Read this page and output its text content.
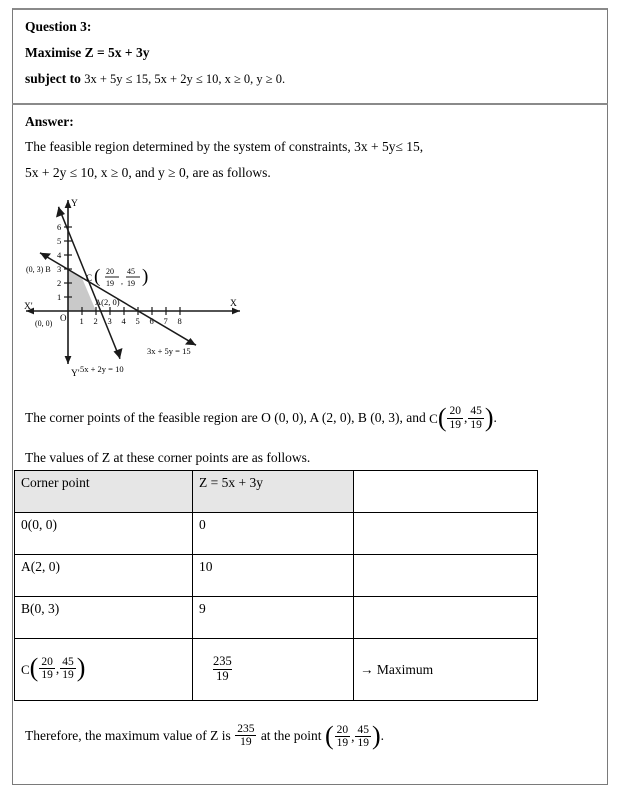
Question 3:
Maximise Z = 5x + 3y
subject to 3x + 5y ≤ 15, 5x + 2y ≤ 10, x ≥ 0, y ≥ 0.
Answer:
The feasible region determined by the system of constraints, 3x + 5y≤ 15,
5x + 2y ≤ 10, x ≥ 0, and y ≥ 0, are as follows.
Y
Y'
X
X'
O
(0, 0)	1 2 3 4 5 6 7 8
1
2
3
4
5
6
(0, 3) B
A(2, 0)
C ( 20
19 ,
45
19 )
3x + 5y = 15
5x + 2y = 10
The corner points of the feasible region are O (0, 0), A (2, 0), B (0, 3), and $C( \frac{20}{19}$ , $\frac{45}{19}$ ).
The values of Z at these corner points are as follows.
Corner point	Z = 5x + 3y	
0(0, 0)	0	
A(2, 0)	10	
B(0, 3)	9	
$C( \frac{20}{19}$ , $\frac{45}{19}$ )	$\frac{235}{19}$	→ Maximum
Therefore, the maximum value of Z is $\frac{235}{19}$ at the point ( $\frac{20}{19}$ , $\frac{45}{19}$ ).
